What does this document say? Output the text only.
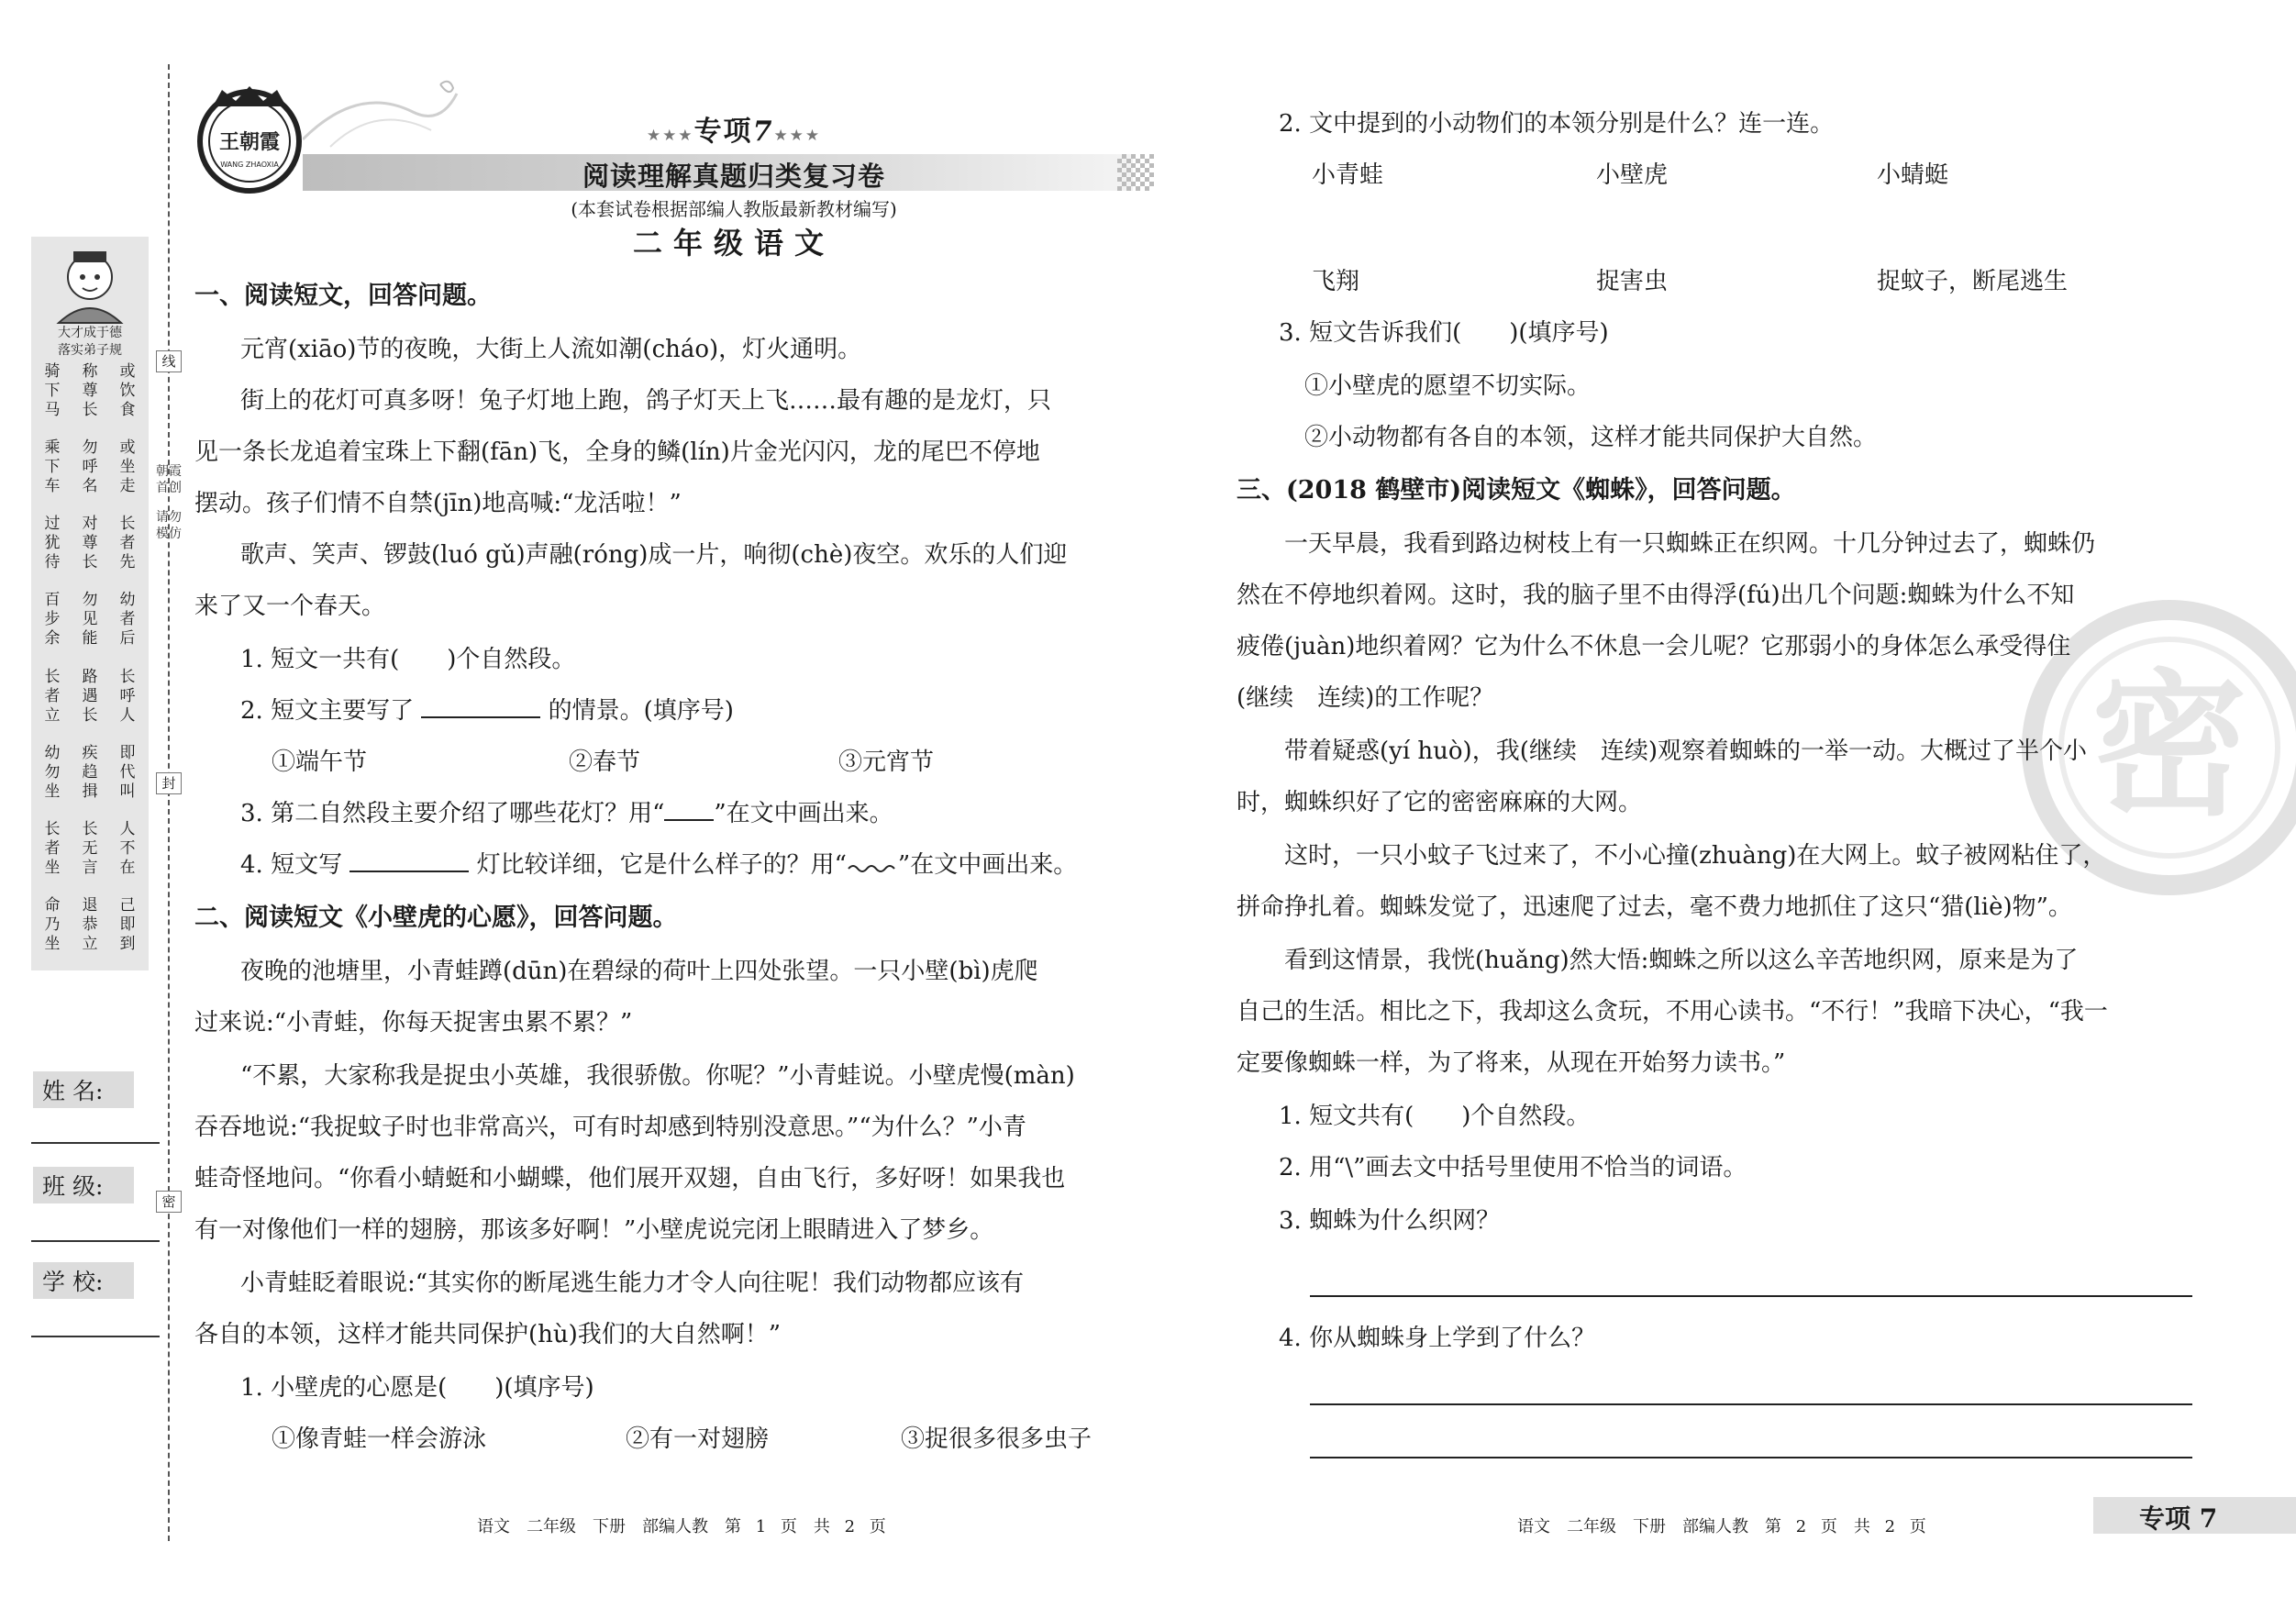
大才成于德
落实弟子规
骑
下
马
称
尊
长
或
饮
食
乘
下
车
勿
呼
名
或
坐
走
过
犹
待
对
尊
长
长
者
先
百
步
余
勿
见
能
幼
者
后
长
者
立
路
遇
长
长
呼
人
幼
勿
坐
疾
趋
揖
即
代
叫
长
者
坐
长
无
言
人
不
在
命
乃
坐
退
恭
立
己
即
到
姓 名:
班 级:
学 校:
线
封
密
朝霞首创
请勿模仿
王朝霞
WANG ZHAOXIA
★★★专项7★★★
阅读理解真题归类复习卷
(本套试卷根据部编人教版最新教材编写)
二年级语文
一、阅读短文，回答问题。
元宵(xiāo)节的夜晚，大街上人流如潮(cháo)，灯火通明。
街上的花灯可真多呀！兔子灯地上跑，鸽子灯天上飞……最有趣的是龙灯，只
见一条长龙追着宝珠上下翻(fān)飞，全身的鳞(lín)片金光闪闪，龙的尾巴不停地
摆动。孩子们情不自禁(jīn)地高喊:“龙活啦！”
歌声、笑声、锣鼓(luó gǔ)声融(róng)成一片，响彻(chè)夜空。欢乐的人们迎
来了又一个春天。
1. 短文一共有(　　)个自然段。
2. 短文主要写了	的情景。(填序号)
①端午节	②春节	③元宵节
3. 第二自然段主要介绍了哪些花灯？用“ ”在文中画出来。
4. 短文写	灯比较详细，它是什么样子的？用“ ”在文中画出来。
二、阅读短文《小壁虎的心愿》，回答问题。
夜晚的池塘里，小青蛙蹲(dūn)在碧绿的荷叶上四处张望。一只小壁(bì)虎爬
过来说:“小青蛙，你每天捉害虫累不累？”
“不累，大家称我是捉虫小英雄，我很骄傲。你呢？”小青蛙说。小壁虎慢(màn)
吞吞地说:“我捉蚊子时也非常高兴，可有时却感到特别没意思。”“为什么？”小青
蛙奇怪地问。“你看小蜻蜓和小蝴蝶，他们展开双翅，自由飞行，多好呀！如果我也
有一对像他们一样的翅膀，那该多好啊！”小壁虎说完闭上眼睛进入了梦乡。
小青蛙眨着眼说:“其实你的断尾逃生能力才令人向往呢！我们动物都应该有
各自的本领，这样才能共同保护(hù)我们的大自然啊！”
1. 小壁虎的心愿是(　　)(填序号)
①像青蛙一样会游泳	②有一对翅膀	③捉很多很多虫子
语文　二年级　下册　部编人教　第 1 页　共 2 页
密
2. 文中提到的小动物们的本领分别是什么？连一连。
小青蛙	小壁虎	小蜻蜓
飞翔	捉害虫	捉蚊子，断尾逃生
3. 短文告诉我们(　　)(填序号)
①小壁虎的愿望不切实际。
②小动物都有各自的本领，这样才能共同保护大自然。
三、(2018 鹤壁市)阅读短文《蜘蛛》，回答问题。
一天早晨，我看到路边树枝上有一只蜘蛛正在织网。十几分钟过去了，蜘蛛仍
然在不停地织着网。这时，我的脑子里不由得浮(fú)出几个问题:蜘蛛为什么不知
疲倦(juàn)地织着网？它为什么不休息一会儿呢？它那弱小的身体怎么承受得住
(继续　连续)的工作呢？
带着疑惑(yí huò)，我(继续　连续)观察着蜘蛛的一举一动。大概过了半个小
时，蜘蛛织好了它的密密麻麻的大网。
这时，一只小蚊子飞过来了，不小心撞(zhuàng)在大网上。蚊子被网粘住了，
拼命挣扎着。蜘蛛发觉了，迅速爬了过去，毫不费力地抓住了这只“猎(liè)物”。
看到这情景，我恍(huǎng)然大悟:蜘蛛之所以这么辛苦地织网，原来是为了
自己的生活。相比之下，我却这么贪玩，不用心读书。“不行！”我暗下决心，“我一
定要像蜘蛛一样，为了将来，从现在开始努力读书。”
1. 短文共有(　　)个自然段。
2. 用“\”画去文中括号里使用不恰当的词语。
3. 蜘蛛为什么织网？
4. 你从蜘蛛身上学到了什么？
语文　二年级　下册　部编人教　第 2 页　共 2 页	专项 7
